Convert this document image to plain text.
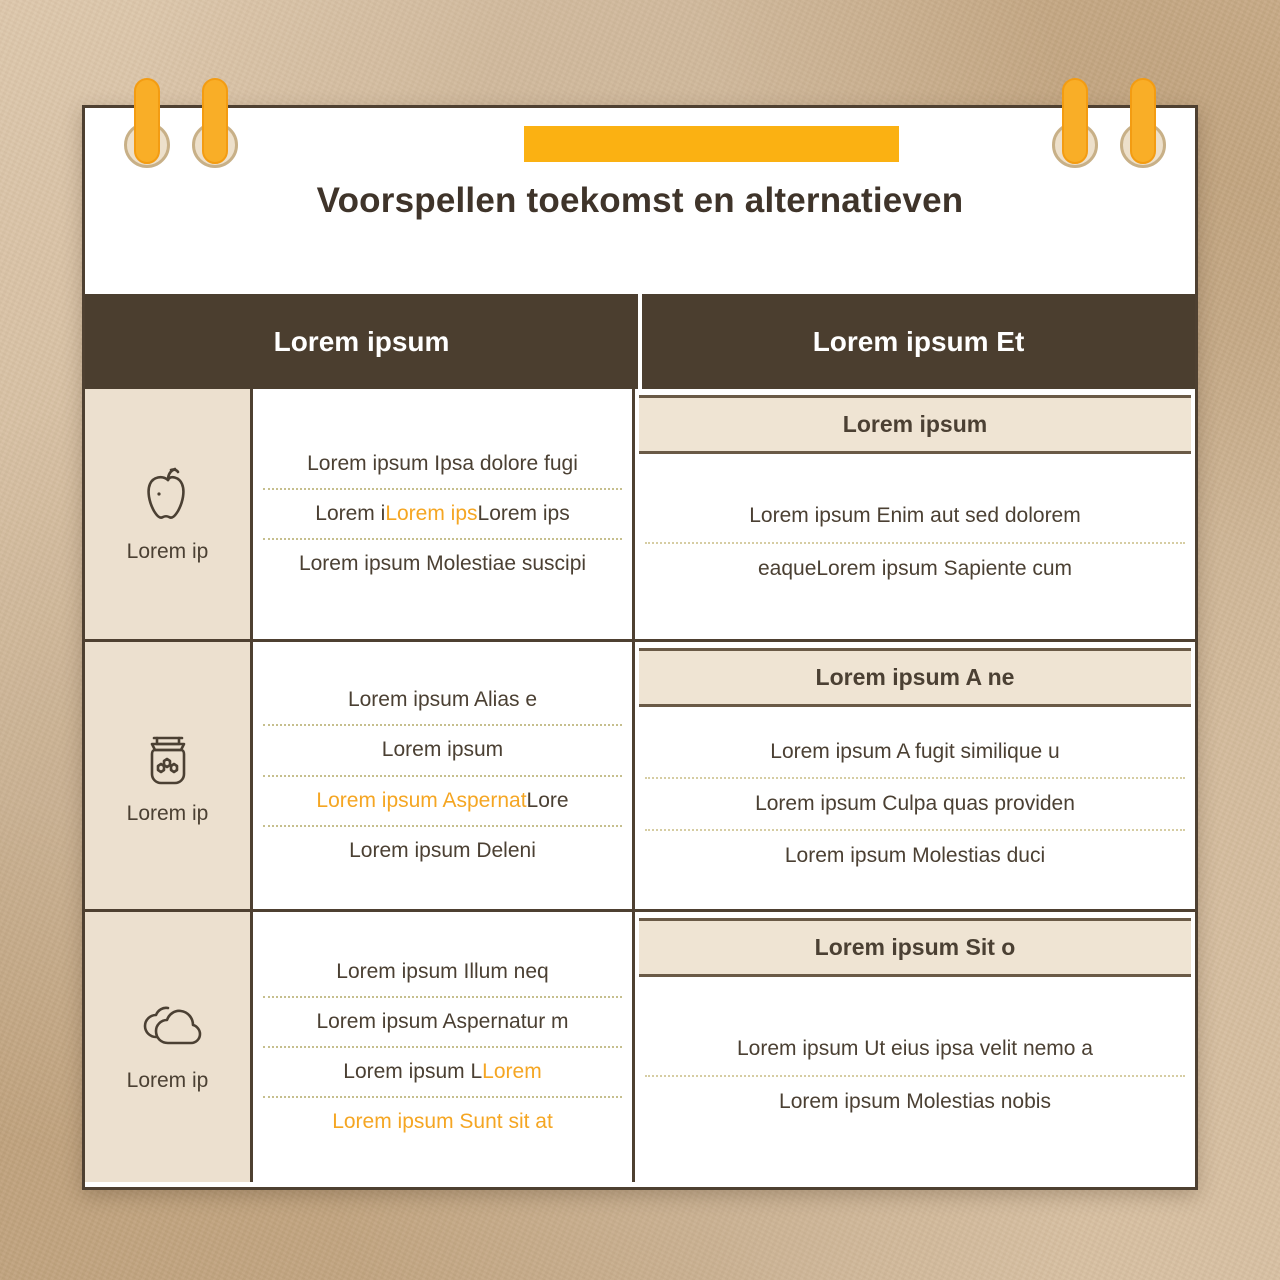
Voorspellen toekomst en alternatieven
Lorem ipsum	Lorem ipsum Et
Lorem ip
Lorem ipsum Ipsa dolore fugi
Lorem iLorem ipsLorem ips
Lorem ipsum Molestiae suscipi
Lorem ipsum
Lorem ipsum Enim aut sed dolorem
eaqueLorem ipsum Sapiente cum
Lorem ip
Lorem ipsum Alias e
Lorem ipsum
Lorem ipsum AspernatLore
Lorem ipsum Deleni
Lorem ipsum A ne
Lorem ipsum A fugit similique u
Lorem ipsum Culpa quas providen
Lorem ipsum Molestias duci
Lorem ip
Lorem ipsum Illum neq
Lorem ipsum Aspernatur m
Lorem ipsum LLorem
Lorem ipsum Sunt sit at
Lorem ipsum Sit o
Lorem ipsum Ut eius ipsa velit nemo a
Lorem ipsum Molestias nobis
